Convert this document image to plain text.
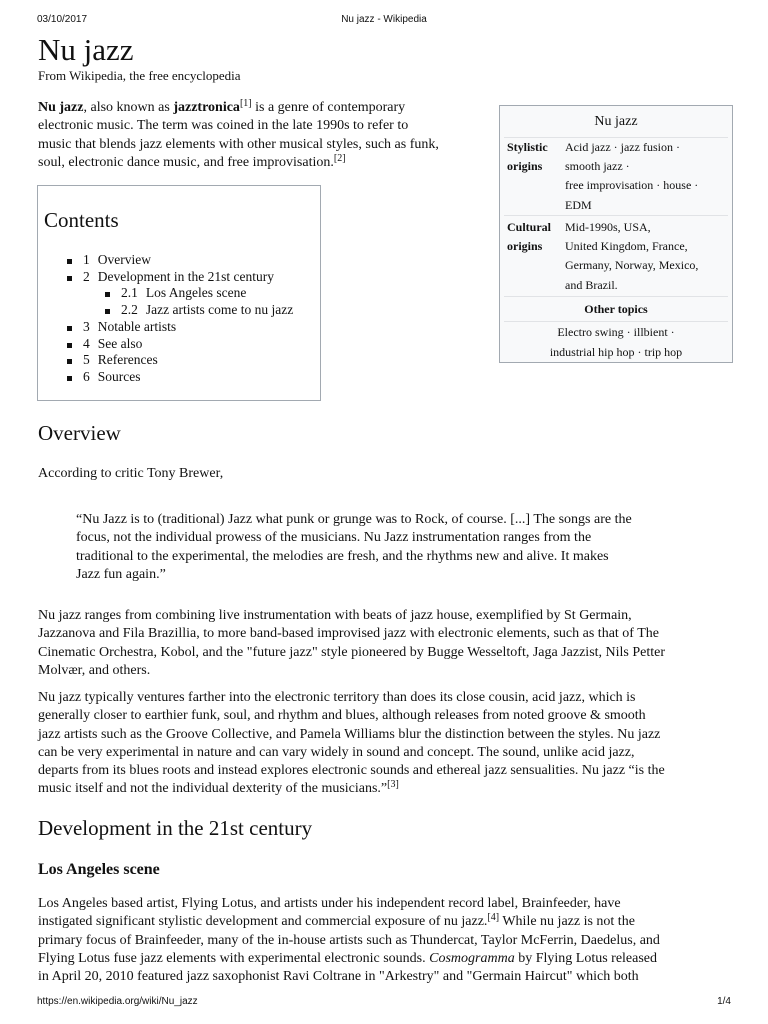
03/10/2017	Nu jazz - Wikipedia
Nu jazz
From Wikipedia, the free encyclopedia
Nu jazz, also known as jazztronica[1] is a genre of contemporary
electronic music. The term was coined in the late 1990s to refer to
music that blends jazz elements with other musical styles, such as funk,
soul, electronic dance music, and free improvisation.[2]
Contents
1 Overview
2 Development in the 21st century
2.1 Los Angeles scene
2.2 Jazz artists come to nu jazz
3 Notable artists
4 See also
5 References
6 Sources
Nu jazz
Stylistic
origins
Acid jazz · jazz fusion ·
smooth jazz ·
free improvisation · house ·
EDM
Cultural
origins
Mid-1990s, USA,
United Kingdom, France,
Germany, Norway, Mexico,
and Brazil.
Other topics
Electro swing · illbient ·
industrial hip hop · trip hop
Overview
According to critic Tony Brewer,
“Nu Jazz is to (traditional) Jazz what punk or grunge was to Rock, of course. [...] The songs are the
focus, not the individual prowess of the musicians. Nu Jazz instrumentation ranges from the
traditional to the experimental, the melodies are fresh, and the rhythms new and alive. It makes
Jazz fun again.”
Nu jazz ranges from combining live instrumentation with beats of jazz house, exemplified by St Germain,
Jazzanova and Fila Brazillia, to more band-based improvised jazz with electronic elements, such as that of The
Cinematic Orchestra, Kobol, and the "future jazz" style pioneered by Bugge Wesseltoft, Jaga Jazzist, Nils Petter
Molvær, and others.
Nu jazz typically ventures farther into the electronic territory than does its close cousin, acid jazz, which is
generally closer to earthier funk, soul, and rhythm and blues, although releases from noted groove & smooth
jazz artists such as the Groove Collective, and Pamela Williams blur the distinction between the styles. Nu jazz
can be very experimental in nature and can vary widely in sound and concept. The sound, unlike acid jazz,
departs from its blues roots and instead explores electronic sounds and ethereal jazz sensualities. Nu jazz “is the
music itself and not the individual dexterity of the musicians.”[3]
Development in the 21st century
Los Angeles scene
Los Angeles based artist, Flying Lotus, and artists under his independent record label, Brainfeeder, have
instigated significant stylistic development and commercial exposure of nu jazz.[4] While nu jazz is not the
primary focus of Brainfeeder, many of the in-house artists such as Thundercat, Taylor McFerrin, Daedelus, and
Flying Lotus fuse jazz elements with experimental electronic sounds. Cosmogramma by Flying Lotus released
in April 20, 2010 featured jazz saxophonist Ravi Coltrane in "Arkestry" and "Germain Haircut" which both
https://en.wikipedia.org/wiki/Nu_jazz	1/4
